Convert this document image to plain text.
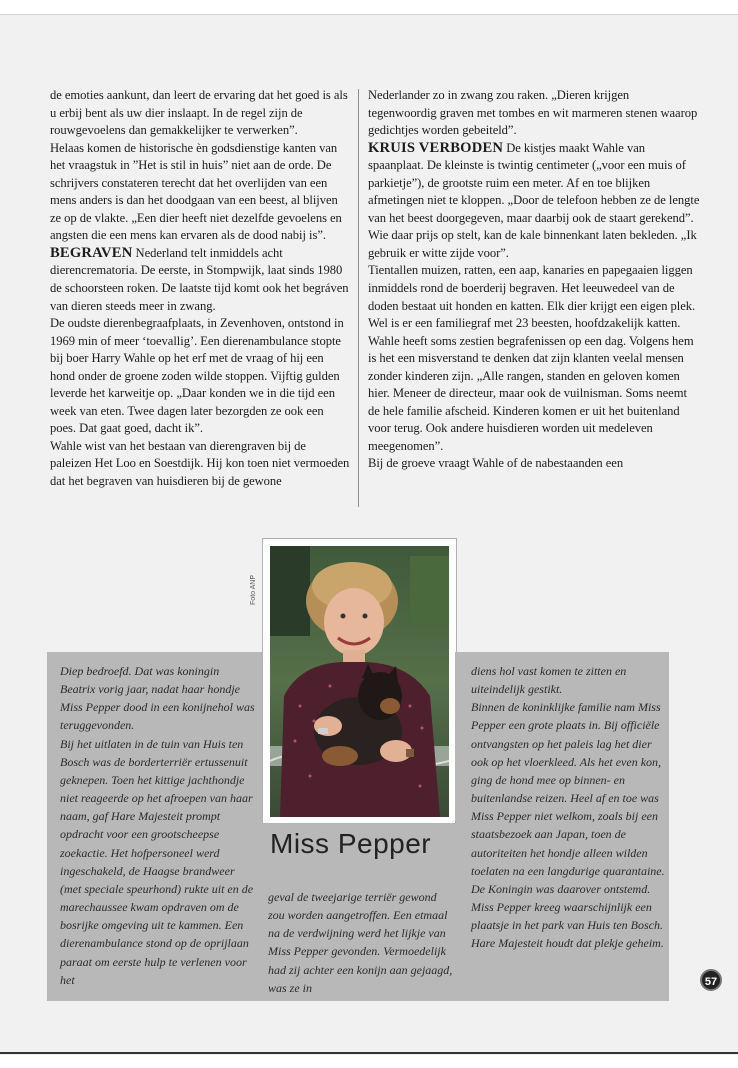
de emoties aankunt, dan leert de ervaring dat het goed is als u erbij bent als uw dier inslaapt. In de regel zijn de rouwgevoelens dan gemakkelijker te verwerken”.

Helaas komen de historische èn godsdienstige kanten van het vraagstuk in ”Het is stil in huis” niet aan de orde. De schrijvers constateren terecht dat het overlijden van een mens anders is dan het doodgaan van een beest, al blijven ze op de vlakte. „Een dier heeft niet dezelfde gevoelens en angsten die een mens kan ervaren als de dood nabij is”.

BEGRAVEN Nederland telt inmiddels acht dierencrematoria. De eerste, in Stompwijk, laat sinds 1980 de schoorsteen roken. De laatste tijd komt ook het begráven van dieren steeds meer in zwang.

De oudste dierenbegraafplaats, in Zevenhoven, ontstond in 1969 min of meer ‘toevallig’. Een dierenambulance stopte bij boer Harry Wahle op het erf met de vraag of hij een hond onder de groene zoden wilde stoppen. Vijftig gulden leverde het karweitje op. „Daar konden we in die tijd een week van eten. Twee dagen later bezorgden ze ook een poes. Dat gaat goed, dacht ik”.

Wahle wist van het bestaan van dierengraven bij de paleizen Het Loo en Soestdijk. Hij kon toen niet vermoeden dat het begraven van huisdieren bij de gewone

Nederlander zo in zwang zou raken. „Dieren krijgen tegenwoordig graven met tombes en wit marmeren stenen waarop gedichtjes worden gebeiteld”.

KRUIS VERBODEN De kistjes maakt Wahle van spaanplaat. De kleinste is twintig centimeter („voor een muis of parkietje”), de grootste ruim een meter. Af en toe blijken afmetingen niet te kloppen. „Door de telefoon hebben ze de lengte van het beest doorgegeven, maar daarbij ook de staart gerekend”. Wie daar prijs op stelt, kan de kale binnenkant laten bekleden. „Ik gebruik er witte zijde voor”.

Tientallen muizen, ratten, een aap, kanaries en papegaaien liggen inmiddels rond de boerderij begraven. Het leeuwedeel van de doden bestaat uit honden en katten. Elk dier krijgt een eigen plek. Wel is er een familiegraf met 23 beesten, hoofdzakelijk katten.

Wahle heeft soms zestien begrafenissen op een dag. Volgens hem is het een misverstand te denken dat zijn klanten veelal mensen zonder kinderen zijn. „Alle rangen, standen en geloven komen hier. Meneer de directeur, maar ook de vuilnisman. Soms neemt de hele familie afscheid. Kinderen komen er uit het buitenland voor terug. Ook andere huisdieren worden uit medeleven meegenomen”.

Bij de groeve vraagt Wahle of de nabestaanden een

Foto ANP

Diep bedroefd. Dat was koningin Beatrix vorig jaar, nadat haar hondje Miss Pepper dood in een konijnehol was teruggevonden.

Bij het uitlaten in de tuin van Huis ten Bosch was de borderterriër ertussenuit geknepen. Toen het kittige jachthondje niet reageerde op het afroepen van haar naam, gaf Hare Majesteit prompt opdracht voor een grootscheepse zoekactie. Het hofpersoneel werd ingeschakeld, de Haagse brandweer (met speciale speurhond) rukte uit en de marechaussee kwam opdraven om de bosrijke omgeving uit te kammen. Een dierenambulance stond op de oprijlaan paraat om eerste hulp te verlenen voor het

Miss Pepper

geval de tweejarige terriër gewond zou worden aangetroffen. Een etmaal na de verdwijning werd het lijkje van Miss Pepper gevonden. Vermoedelijk had zij achter een konijn aan gejaagd, was ze in

diens hol vast komen te zitten en uiteindelijk gestikt.

Binnen de koninklijke familie nam Miss Pepper een grote plaats in. Bij officiële ontvangsten op het paleis lag het dier ook op het vloerkleed. Als het even kon, ging de hond mee op binnen- en buitenlandse reizen. Heel af en toe was Miss Pepper niet welkom, zoals bij een staatsbezoek aan Japan, toen de autoriteiten het hondje alleen wilden toelaten na een langdurige quarantaine. De Koningin was daarover ontstemd.

Miss Pepper kreeg waarschijnlijk een plaatsje in het park van Huis ten Bosch. Hare Majesteit houdt dat plekje geheim.

57
